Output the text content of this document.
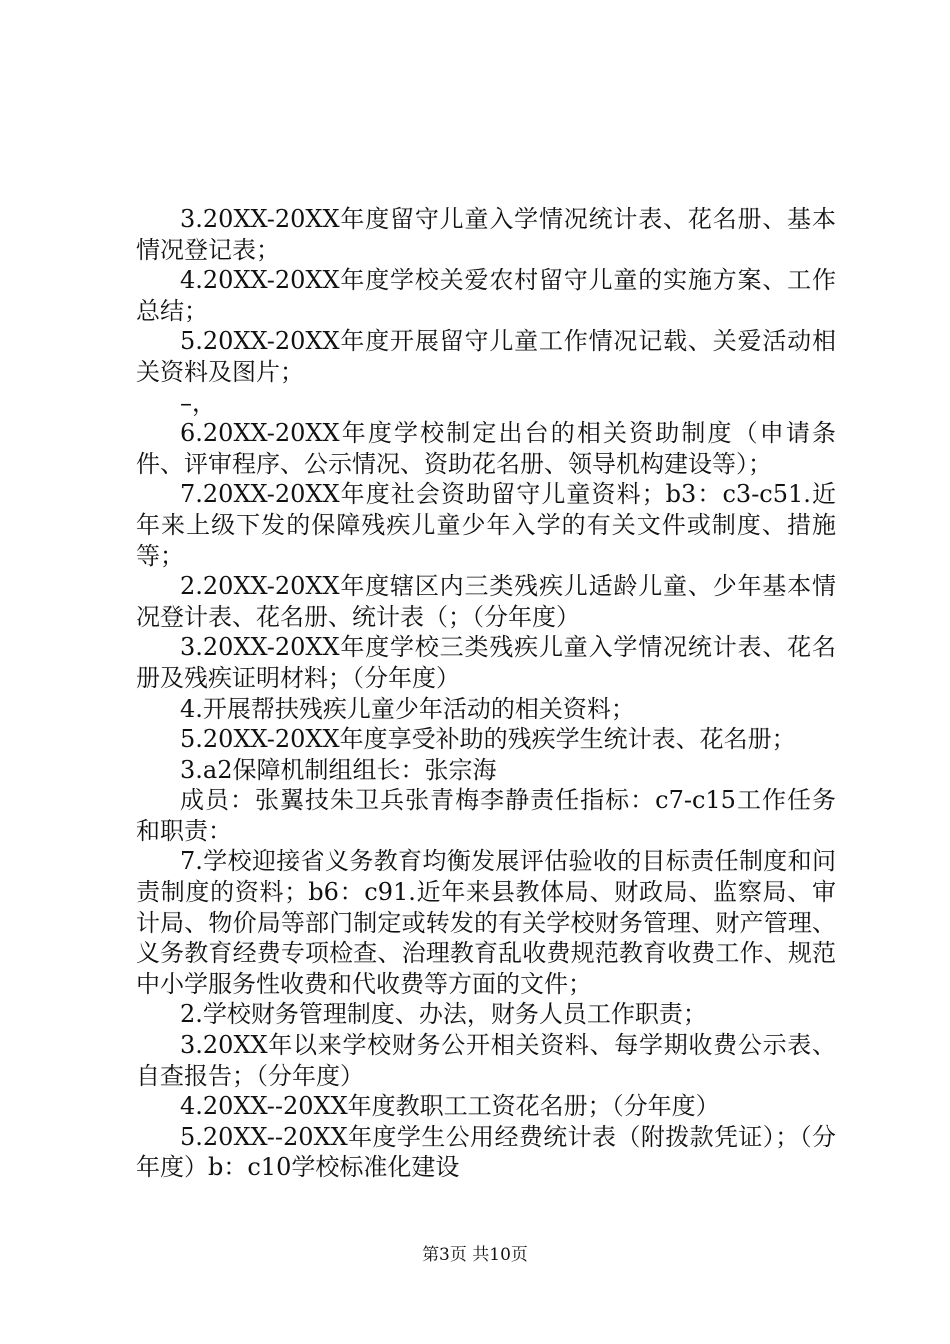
3.20XX-20XX年度留守儿童入学情况统计表、花名册、基本情况登记表；

4.20XX-20XX年度学校关爱农村留守儿童的实施方案、工作总结；

5.20XX-20XX年度开展留守儿童工作情况记载、关爱活动相关资料及图片；

–，

6.20XX-20XX年度学校制定出台的相关资助制度（申请条件、评审程序、公示情况、资助花名册、领导机构建设等）；

7.20XX-20XX年度社会资助留守儿童资料；b3：c3-c51.近年来上级下发的保障残疾儿童少年入学的有关文件或制度、措施等；

2.20XX-20XX年度辖区内三类残疾儿适龄儿童、少年基本情况登计表、花名册、统计表（；（分年度）

3.20XX-20XX年度学校三类残疾儿童入学情况统计表、花名册及残疾证明材料；（分年度）

4.开展帮扶残疾儿童少年活动的相关资料；

5.20XX-20XX年度享受补助的残疾学生统计表、花名册；

3.a2保障机制组组长：张宗海

成员：张翼技朱卫兵张青梅李静责任指标：c7-c15工作任务和职责：

7.学校迎接省义务教育均衡发展评估验收的目标责任制度和问责制度的资料；b6：c91.近年来县教体局、财政局、监察局、审计局、物价局等部门制定或转发的有关学校财务管理、财产管理、义务教育经费专项检查、治理教育乱收费规范教育收费工作、规范中小学服务性收费和代收费等方面的文件；

2.学校财务管理制度、办法，财务人员工作职责；

3.20XX年以来学校财务公开相关资料、每学期收费公示表、自查报告；（分年度）

4.20XX--20XX年度教职工工资花名册；（分年度）

5.20XX--20XX年度学生公用经费统计表（附拨款凭证）；（分年度）b：c10学校标准化建设

第3页 共10页
